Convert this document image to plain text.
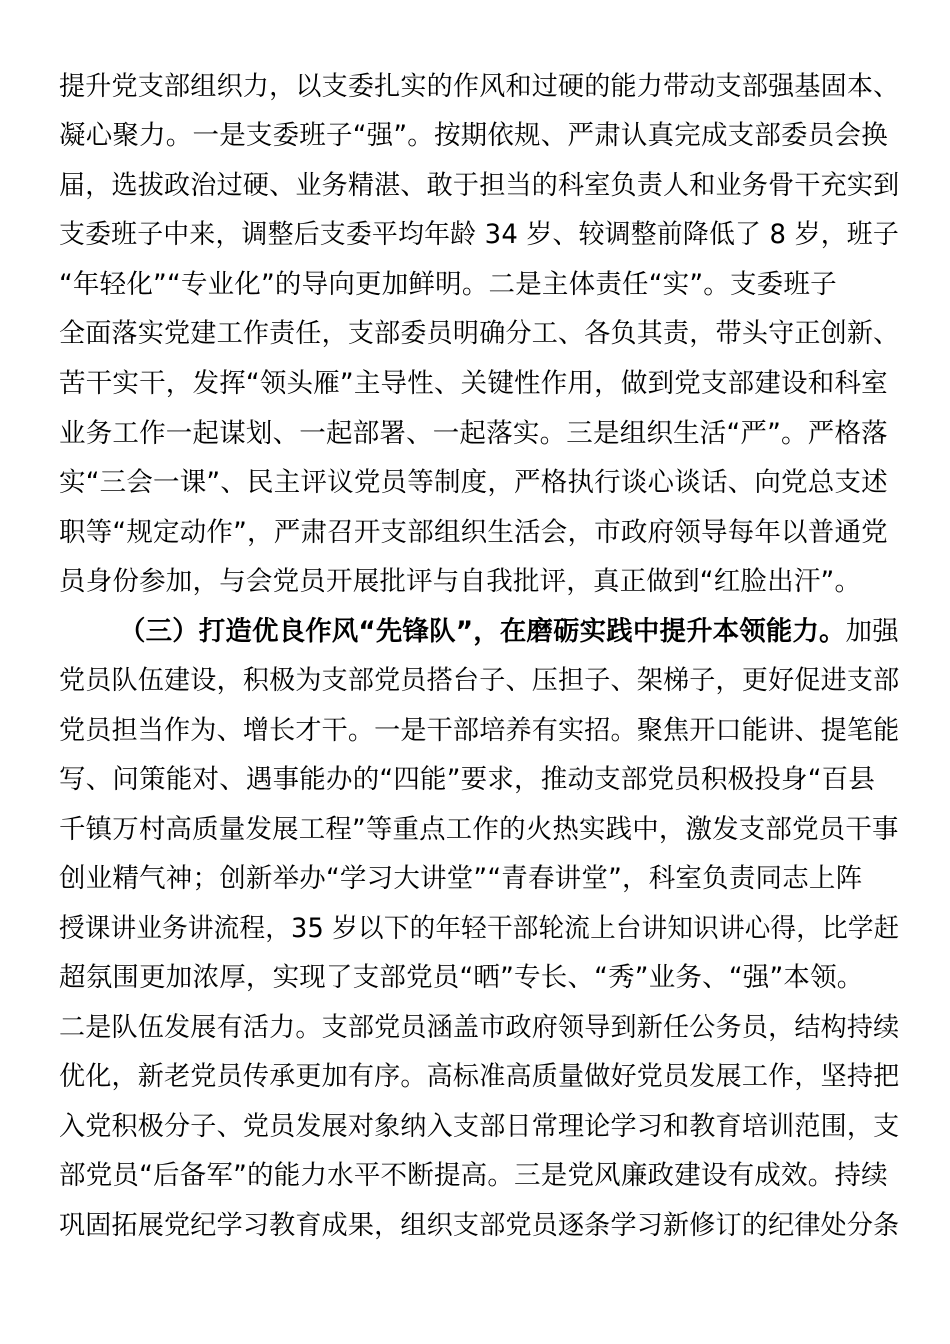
提升党支部组织力，以支委扎实的作风和过硬的能力带动支部强基固本、
凝心聚力。一是支委班子“强”。按期依规、严肃认真完成支部委员会换
届，选拔政治过硬、业务精湛、敢于担当的科室负责人和业务骨干充实到
支委班子中来，调整后支委平均年龄 34 岁、较调整前降低了 8 岁，班子
“年轻化”“专业化”的导向更加鲜明。二是主体责任“实”。支委班子
全面落实党建工作责任，支部委员明确分工、各负其责，带头守正创新、
苦干实干，发挥“领头雁”主导性、关键性作用，做到党支部建设和科室
业务工作一起谋划、一起部署、一起落实。三是组织生活“严”。严格落
实“三会一课”、民主评议党员等制度，严格执行谈心谈话、向党总支述
职等“规定动作”，严肃召开支部组织生活会，市政府领导每年以普通党
员身份参加，与会党员开展批评与自我批评，真正做到“红脸出汗”。
（三）打造优良作风“先锋队”，在磨砺实践中提升本领能力。加强
党员队伍建设，积极为支部党员搭台子、压担子、架梯子，更好促进支部
党员担当作为、增长才干。一是干部培养有实招。聚焦开口能讲、提笔能
写、问策能对、遇事能办的“四能”要求，推动支部党员积极投身“百县
千镇万村高质量发展工程”等重点工作的火热实践中，激发支部党员干事
创业精气神；创新举办“学习大讲堂”“青春讲堂”，科室负责同志上阵
授课讲业务讲流程，35 岁以下的年轻干部轮流上台讲知识讲心得，比学赶
超氛围更加浓厚，实现了支部党员“晒”专长、“秀”业务、“强”本领。
二是队伍发展有活力。支部党员涵盖市政府领导到新任公务员，结构持续
优化，新老党员传承更加有序。高标准高质量做好党员发展工作，坚持把
入党积极分子、党员发展对象纳入支部日常理论学习和教育培训范围，支
部党员“后备军”的能力水平不断提高。三是党风廉政建设有成效。持续
巩固拓展党纪学习教育成果，组织支部党员逐条学习新修订的纪律处分条
